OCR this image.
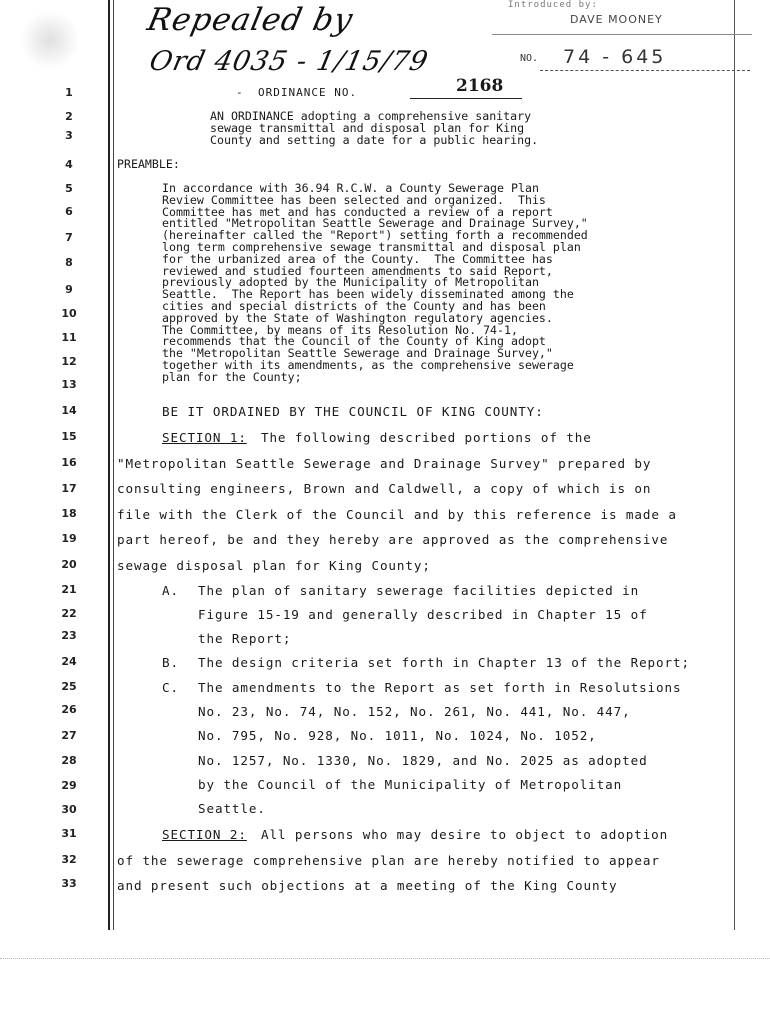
1
2
3
4
5
6
7
8
9
10
11
12
13
14
15
16
17
18
19
20
21
22
23
24
25
26
27
28
29
30
31
32
33
Repealed by
Ord 4035 - 1/15/79
Introduced by:
DAVE MOONEY
NO. 74 - 645
- ORDINANCE NO.	2168
AN ORDINANCE adopting a comprehensive sanitary
sewage transmittal and disposal plan for King
County and setting a date for a public hearing.
PREAMBLE:
In accordance with 36.94 R.C.W. a County Sewerage Plan
Review Committee has been selected and organized.  This
Committee has met and has conducted a review of a report
entitled "Metropolitan Seattle Sewerage and Drainage Survey,"
(hereinafter called the "Report") setting forth a recommended
long term comprehensive sewage transmittal and disposal plan
for the urbanized area of the County.  The Committee has
reviewed and studied fourteen amendments to said Report,
previously adopted by the Municipality of Metropolitan
Seattle.  The Report has been widely disseminated among the
cities and special districts of the County and has been
approved by the State of Washington regulatory agencies.
The Committee, by means of its Resolution No. 74-1,
recommends that the Council of the County of King adopt
the "Metropolitan Seattle Sewerage and Drainage Survey,"
together with its amendments, as the comprehensive sewerage
plan for the County;
BE IT ORDAINED BY THE COUNCIL OF KING COUNTY:
SECTION 1:
The following described portions of the
"Metropolitan Seattle Sewerage and Drainage Survey" prepared by
consulting engineers, Brown and Caldwell, a copy of which is on
file with the Clerk of the Council and by this reference is made a
part hereof, be and they hereby are approved as the comprehensive
sewage disposal plan for King County;
A. The plan of sanitary sewerage facilities depicted in
Figure 15-19 and generally described in Chapter 15 of
the Report;
B. The design criteria set forth in Chapter 13 of the Report;
C. The amendments to the Report as set forth in Resolutsions
No. 23, No. 74, No. 152, No. 261, No. 441, No. 447,
No. 795, No. 928, No. 1011, No. 1024, No. 1052,
No. 1257, No. 1330, No. 1829, and No. 2025 as adopted
by the Council of the Municipality of Metropolitan
Seattle.
SECTION 2:
All persons who may desire to object to adoption
of the sewerage comprehensive plan are hereby notified to appear
and present such objections at a meeting of the King County
